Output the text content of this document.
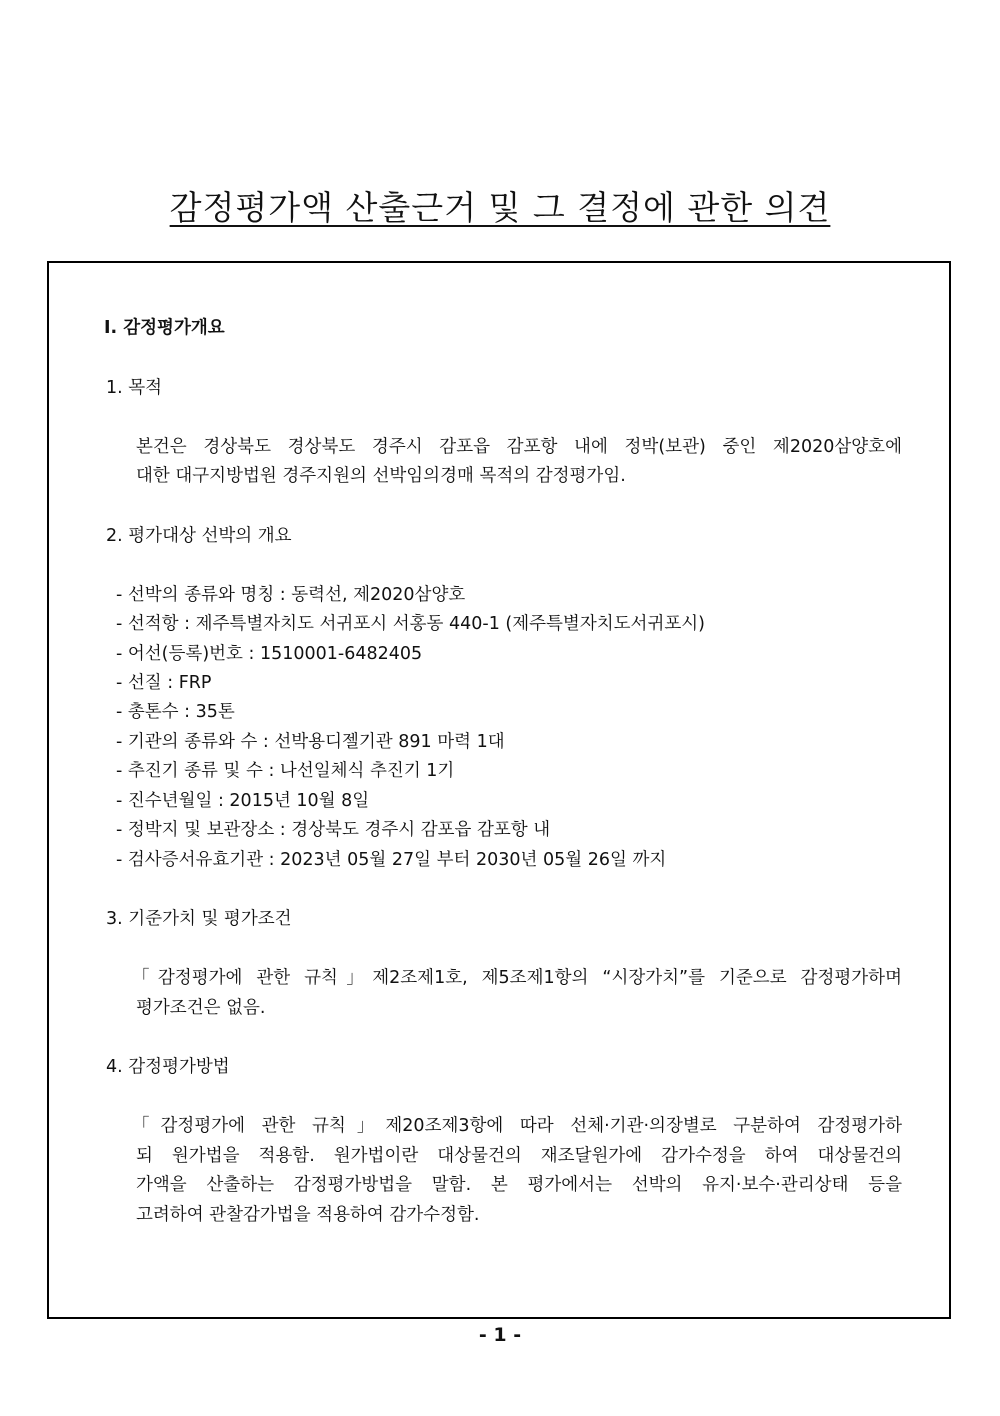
감정평가액 산출근거 및 그 결정에 관한 의견
Ⅰ. 감정평가개요
1. 목적
본건은 경상북도 경상북도 경주시 감포읍 감포항 내에 정박(보관) 중인 제2020삼양호에
대한 대구지방법원 경주지원의 선박임의경매 목적의 감정평가임.
2. 평가대상 선박의 개요
- 선박의 종류와 명칭 : 동력선, 제2020삼양호
- 선적항 : 제주특별자치도 서귀포시 서홍동 440-1 (제주특별자치도서귀포시)
- 어선(등록)번호 : 1510001-6482405
- 선질 : FRP
- 총톤수 : 35톤
- 기관의 종류와 수 : 선박용디젤기관 891 마력 1대
- 추진기 종류 및 수 : 나선일체식 추진기 1기
- 진수년월일 : 2015년 10월 8일
- 정박지 및 보관장소 : 경상북도 경주시 감포읍 감포항 내
- 검사증서유효기관 : 2023년 05월 27일 부터 2030년 05월 26일 까지
3. 기준가치 및 평가조건
「감정평가에 관한 규칙」제2조제1호, 제5조제1항의 “시장가치”를 기준으로 감정평가하며
평가조건은 없음.
4. 감정평가방법
「감정평가에 관한 규칙」제20조제3항에 따라 선체·기관·의장별로 구분하여 감정평가하
되 원가법을 적용함. 원가법이란 대상물건의 재조달원가에 감가수정을 하여 대상물건의
가액을 산출하는 감정평가방법을 말함. 본 평가에서는 선박의 유지·보수·관리상태 등을
고려하여 관찰감가법을 적용하여 감가수정함.
- 1 -
